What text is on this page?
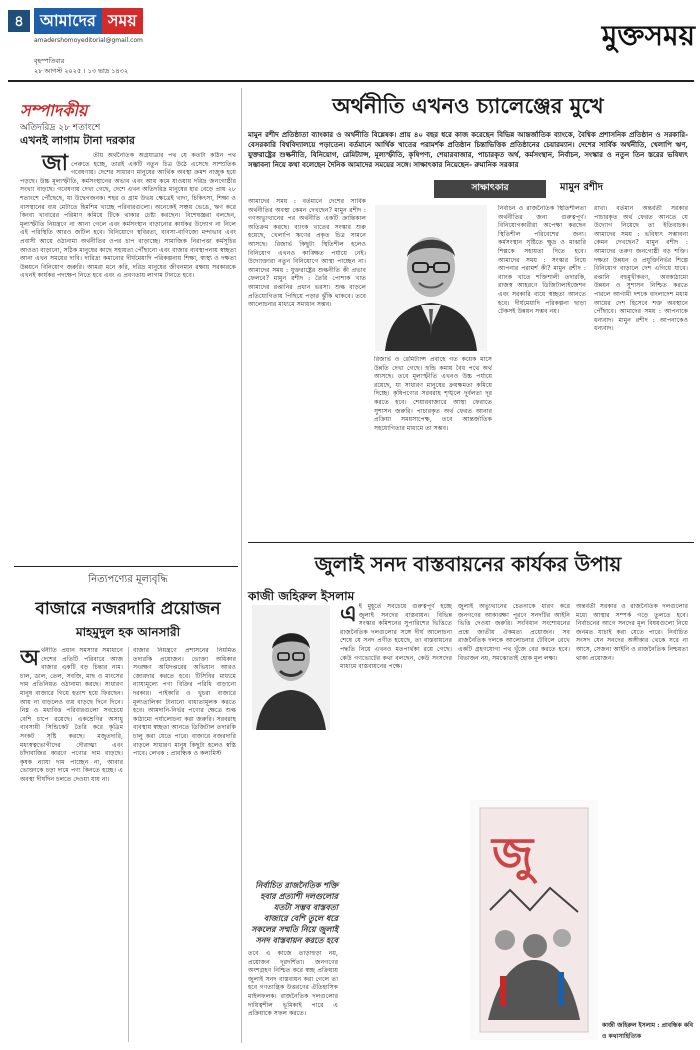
৪	আমাদের সময়
amadershomoyeditorial@gmail.com
বৃহস্পতিবার
২৮ আগস্ট ২০২৫ । ১৩ ভাদ্র ১৪৩২
মুক্তসময়
সম্পাদকীয়
অতিদরিদ্র ২৮ শতাংশে
এখনই লাগাম টানা দরকার
জা	তীয় অর্থনৈতিক অগ্রযাত্রার পথ যে কতটা কঠিন পথ পেরুতে হচ্ছে, তারই একটি নতুন চিত্র উঠে এসেছে সাম্প্রতিক গবেষণায়। দেশের সাধারণ মানুষের আর্থিক অবস্থা ক্রমশ নাজুক হয়ে পড়ছে। উচ্চ মূল্যস্ফীতি, কর্মসংস্থানের অভাব এবং আয় কমে যাওয়ায় দরিদ্র জনগোষ্ঠীর সংখ্যা বাড়ছে। গবেষণায় দেখা গেছে, দেশে এখন অতিদরিদ্র মানুষের হার বেড়ে প্রায় ২৮ শতাংশে পৌঁছেছে, যা উদ্বেগজনক। শহর ও গ্রাম উভয় ক্ষেত্রেই খাদ্য, চিকিৎসা, শিক্ষা ও বাসস্থানের ব্যয় মেটাতে হিমশিম খাচ্ছে পরিবারগুলো। অনেকেই সঞ্চয় ভেঙে, ঋণ করে কিংবা খাবারের পরিমাণ কমিয়ে টিকে থাকার চেষ্টা করছেন। বিশেষজ্ঞরা বলছেন, মূল্যস্ফীতি নিয়ন্ত্রণে না আনা গেলে এবং কর্মসংস্থান বাড়ানোর কার্যকর উদ্যোগ না নিলে এই পরিস্থিতি আরও জটিল হবে। বিনিয়োগে স্থবিরতা, ব্যবসা-বাণিজ্যে মন্দাভাব এবং প্রবাসী আয়ে ওঠানামা অর্থনীতির ওপর চাপ বাড়াচ্ছে। সামাজিক নিরাপত্তা কর্মসূচির আওতা বাড়ানো, সঠিক মানুষের কাছে সহায়তা পৌঁছানো এবং বাজার ব্যবস্থাপনায় স্বচ্ছতা আনা এখন সময়ের দাবি। দারিদ্র্য কমানোর দীর্ঘমেয়াদি পরিকল্পনায় শিক্ষা, স্বাস্থ্য ও দক্ষতা উন্নয়নে বিনিয়োগ জরুরি। আমরা মনে করি, দরিদ্র মানুষের জীবনমান রক্ষায় সরকারকে এখনই কার্যকর পদক্ষেপ নিতে হবে এবং এ প্রবণতায় লাগাম টানতে হবে।
নিত্যপণ্যের মূল্যবৃদ্ধি
বাজারে নজরদারি প্রয়োজন
মাহমুদুল হক আনসারী
অর্থনীতি প্রধান সমস্যার সমাধানে দেশের প্রতিটি পরিবারে আজ বাজার একটি বড় চিন্তার নাম। চাল, ডাল, তেল, সবজি, মাছ ও মাংসের দাম প্রতিনিয়ত ওঠানামা করছে। সাধারণ মানুষ বাজারে গিয়ে হতাশ হয়ে ফিরছেন। আয় না বাড়লেও ব্যয় বাড়ছে দিনে দিনে। নিম্ন ও মধ্যবিত্ত পরিবারগুলো সবচেয়ে বেশি চাপে রয়েছে। একশ্রেণির অসাধু ব্যবসায়ী সিন্ডিকেট তৈরি করে কৃত্রিম সংকট সৃষ্টি করছে। মজুতদারি, মধ্যস্বত্বভোগীদের দৌরাত্ম্য এবং চাঁদাবাজির কারণে পণ্যের দাম বাড়ছে। কৃষক ন্যায্য দাম পাচ্ছেন না, আবার ভোক্তাকে চড়া দামে পণ্য কিনতে হচ্ছে। এ অবস্থা দীর্ঘদিন চলতে দেওয়া যায় না।
বাজার নিয়ন্ত্রণে প্রশাসনের নিয়মিত তদারকি প্রয়োজন। ভোক্তা অধিকার সংরক্ষণ অধিদপ্তরের অভিযান আরও জোরদার করতে হবে। টিসিবির মাধ্যমে ন্যায্যমূল্যে পণ্য বিক্রির পরিধি বাড়ানো দরকার। পাইকারি ও খুচরা বাজারে মূল্যতালিকা টানানো বাধ্যতামূলক করতে হবে। আমদানি-নির্ভর পণ্যের ক্ষেত্রে শুল্ক কাঠামো পর্যালোচনা করা জরুরি। সরবরাহ ব্যবস্থায় স্বচ্ছতা আনতে ডিজিটাল তদারকি চালু করা যেতে পারে। বাজারে নজরদারি বাড়লে সাধারণ মানুষ কিছুটা হলেও স্বস্তি পাবে। লেখক : প্রাবন্ধিক ও কলামিস্ট
অর্থনীতি এখনও চ্যালেঞ্জের মুখে
মামুন রশীদ প্রতিষ্ঠাতা ব্যাংকার ও অর্থনীতি বিশ্লেষক। প্রায় ৪০ বছর ধরে কাজ করেছেন বিভিন্ন আন্তর্জাতিক ব্যাংকে, বৈশ্বিক প্রশাসনিক প্রতিষ্ঠান ও সরকারি-বেসরকারি বিশ্ববিদ্যালয়ে পড়াতেন। বর্তমানে আর্থিক খাতের পরামর্শক প্রতিষ্ঠান চিন্তাভিত্তিক প্রতিষ্ঠানের চেয়ারম্যান। দেশের সার্বিক অর্থনীতি, খেলাপি ঋণ, যুক্তরাষ্ট্রের শুল্কনীতি, বিনিয়োগ, রেমিট্যান্স, মূল্যস্ফীতি, কৃষিপণ্য, শেয়ারবাজার, পাচারকৃত অর্থ, কর্মসংস্থান, নির্বাচন, সংস্কার ও নতুন তিন স্তরের ভবিষ্যৎ সম্ভাবনা নিয়ে কথা বলেছেন দৈনিক আমাদের সময়ের সঙ্গে। সাক্ষাৎকার নিয়েছেন- রুমানিক সরকার
সাক্ষাৎকার	মামুন রশীদ
আমাদের সময় : বর্তমানে দেশের সার্বিক অর্থনীতির অবস্থা কেমন দেখছেন? মামুন রশীদ : গণঅভ্যুত্থানের পর অর্থনীতি একটি ক্রান্তিকাল অতিক্রম করছে। ব্যাংক খাতের সংস্কার শুরু হয়েছে, খেলাপি ঋণের প্রকৃত চিত্র সামনে আসছে। রিজার্ভ কিছুটা স্থিতিশীল হলেও বিনিয়োগ এখনও কাঙ্ক্ষিত পর্যায়ে নেই। উদ্যোক্তারা নতুন বিনিয়োগে আস্থা পাচ্ছেন না। আমাদের সময় : যুক্তরাষ্ট্রের শুল্কনীতি কী প্রভাব ফেলবে? মামুন রশীদ : তৈরি পোশাক খাত আমাদের রপ্তানির প্রধান ভরসা। শুল্ক বাড়লে প্রতিযোগিতায় পিছিয়ে পড়ার ঝুঁকি থাকবে। তবে আলোচনার মাধ্যমে সমাধান সম্ভব।
রিজার্ভ ও রেমিট্যান্স প্রবাহে গত কয়েক মাসে উন্নতি দেখা গেছে। হুন্ডি কমায় বৈধ পথে অর্থ আসছে। তবে মূল্যস্ফীতি এখনও উচ্চ পর্যায়ে রয়েছে, যা সাধারণ মানুষের ক্রয়ক্ষমতা কমিয়ে দিচ্ছে। কৃষিপণ্যের সরবরাহ শৃঙ্খলে দুর্বলতা দূর করতে হবে। শেয়ারবাজারে আস্থা ফেরাতে সুশাসন জরুরি। পাচারকৃত অর্থ ফেরত আনার প্রক্রিয়া সময়সাপেক্ষ, তবে আন্তর্জাতিক সহযোগিতার মাধ্যমে তা সম্ভব।
নির্বাচন ও রাজনৈতিক স্থিতিশীলতা অর্থনীতির জন্য গুরুত্বপূর্ণ। বিনিয়োগকারীরা অপেক্ষা করছেন স্থিতিশীল পরিবেশের জন্য। কর্মসংস্থান সৃষ্টিতে ক্ষুদ্র ও মাঝারি শিল্পকে সহায়তা দিতে হবে। আমাদের সময় : সংস্কার নিয়ে আপনার পরামর্শ কী? মামুন রশীদ : ব্যাংক খাতে শক্তিশালী তদারকি, রাজস্ব আহরণে ডিজিটালাইজেশন এবং সরকারি ব্যয়ে স্বচ্ছতা আনতে হবে। দীর্ঘমেয়াদি পরিকল্পনা ছাড়া টেকসই উন্নয়ন সম্ভব নয়।
রাখা। বর্তমান অন্তর্বর্তী সরকার পাচারকৃত অর্থ ফেরত আনতে যে উদ্যোগ নিয়েছে তা ইতিবাচক। আমাদের সময় : ভবিষ্যৎ সম্ভাবনা কেমন দেখছেন? মামুন রশীদ : আমাদের তরুণ জনগোষ্ঠী বড় শক্তি। দক্ষতা উন্নয়ন ও প্রযুক্তিনির্ভর শিল্পে বিনিয়োগ বাড়ালে দেশ এগিয়ে যাবে। রপ্তানি বহুমুখীকরণ, অবকাঠামো উন্নয়ন ও সুশাসন নিশ্চিত করতে পারলে আগামী দশকে বাংলাদেশ মধ্যম আয়ের দেশ হিসেবে শক্ত অবস্থানে পৌঁছাবে। আমাদের সময় : আপনাকে ধন্যবাদ। মামুন রশীদ : আপনাকেও ধন্যবাদ।
জুলাই সনদ বাস্তবায়নের কার্যকর উপায়
কাজী জহিরুল ইসলাম
নির্বাচিত রাজনৈতিক শক্তি হবার প্রত্যাশী দলগুলোর যতটা সম্ভব বাস্তবতা বাজারে বেশি তুলে ধরে সকলের সম্মতি নিয়ে জুলাই সনদ বাস্তবায়ন করতে হবে
এই মুহূর্তে সবচেয়ে গুরুত্বপূর্ণ হচ্ছে জুলাই সনদের বাস্তবায়ন। বিভিন্ন সংস্কার কমিশনের সুপারিশের ভিত্তিতে রাজনৈতিক দলগুলোর সঙ্গে দীর্ঘ আলোচনা শেষে যে সনদ প্রণীত হয়েছে, তা বাস্তবায়নের পদ্ধতি নিয়ে এখনও মতপার্থক্য রয়ে গেছে। কেউ গণভোটের কথা বলছেন, কেউ সংসদের মাধ্যমে বাস্তবায়নের পক্ষে।
জুলাই অভ্যুত্থানের চেতনাকে ধারণ করে জনগণের আকাঙ্ক্ষা পূরণে সনদটির আইনি ভিত্তি দেওয়া জরুরি। সংবিধান সংশোধনের প্রশ্নে জাতীয় ঐকমত্য প্রয়োজন। সব রাজনৈতিক দলকে আলোচনার টেবিলে রেখে একটি গ্রহণযোগ্য পথ খুঁজে বের করতে হবে। বিভাজন নয়, সমঝোতাই হোক মূল লক্ষ্য।
অন্তর্বর্তী সরকার ও রাজনৈতিক দলগুলোর মধ্যে আস্থার সম্পর্ক গড়ে তুলতে হবে। নির্বাচনের আগে সনদের মূল বিষয়গুলো নিয়ে জনমত যাচাই করা যেতে পারে। নির্বাচিত সংসদ যেন সনদের অঙ্গীকার থেকে সরে না আসে, সেজন্য আইনি ও রাজনৈতিক নিশ্চয়তা থাকা প্রয়োজন।
তবে এ কাজে তাড়াহুড়া নয়, প্রয়োজন দূরদর্শিতা। জনগণের অংশগ্রহণ নিশ্চিত করে স্বচ্ছ প্রক্রিয়ায় জুলাই সনদ বাস্তবায়ন করা গেলে তা হবে গণতান্ত্রিক উত্তরণের ঐতিহাসিক মাইলফলক। রাজনৈতিক দলগুলোর দায়িত্বশীল ভূমিকাই পারে এ প্রক্রিয়াকে সফল করতে।
জু
কাজী জহিরুল ইসলাম : প্রাবন্ধিক কবি ও কথাসাহিত্যিক
